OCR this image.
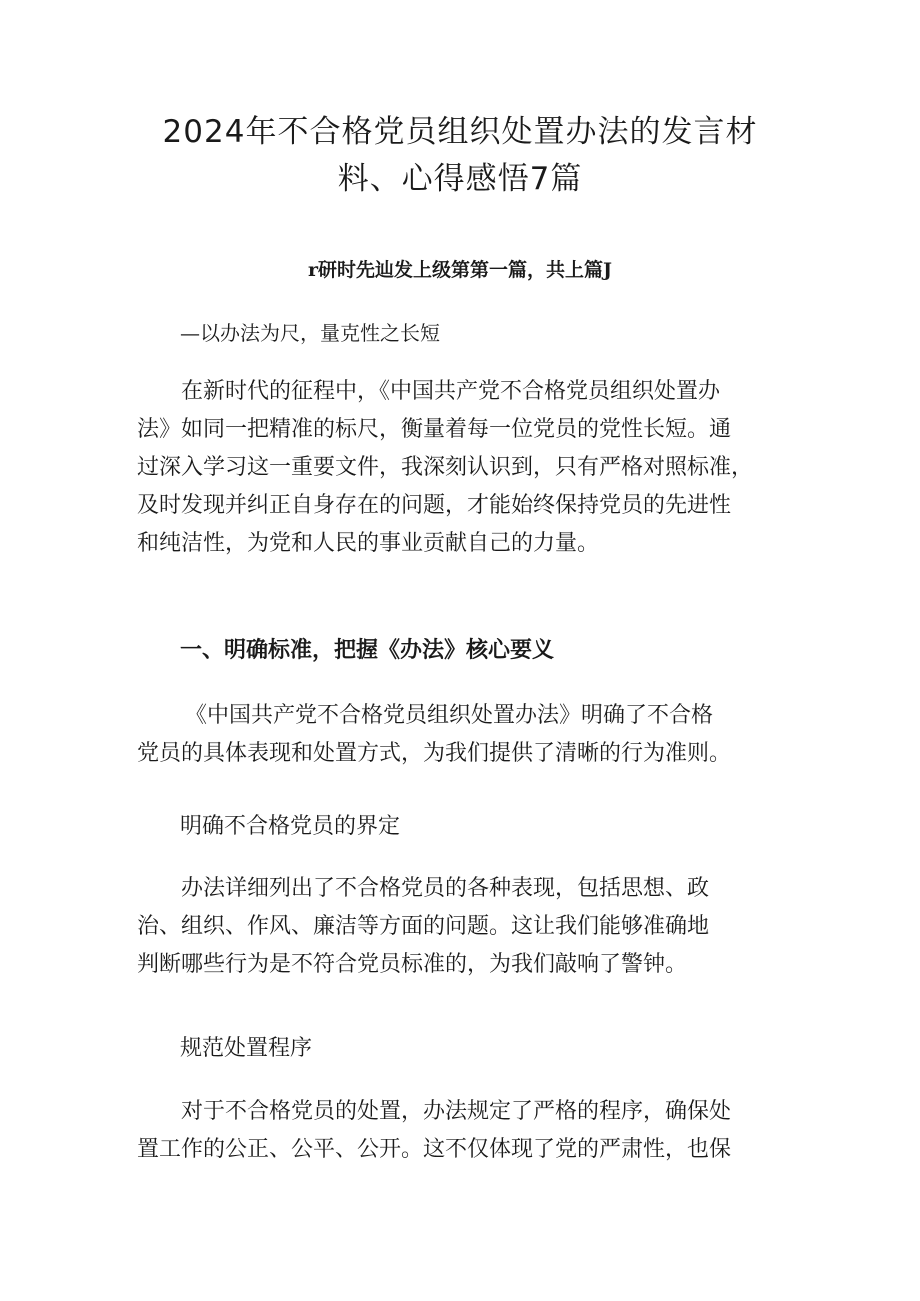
2024年不合格党员组织处置办法的发言材
料、心得感悟7篇
r研时先辿发上级第第一篇，共上篇J
—以办法为尺，量克性之长短
在新时代的征程中，《中国共产党不合格党员组织处置办
法》如同一把精准的标尺，衡量着每一位党员的党性长短。通
过深入学习这一重要文件，我深刻认识到，只有严格对照标准，
及时发现并纠正自身存在的问题，才能始终保持党员的先进性
和纯洁性，为党和人民的事业贡献自己的力量。
一、明确标准，把握《办法》核心要义
《中国共产党不合格党员组织处置办法》明确了不合格
党员的具体表现和处置方式，为我们提供了清晰的行为准则。
明确不合格党员的界定
办法详细列出了不合格党员的各种表现，包括思想、政
治、组织、作风、廉洁等方面的问题。这让我们能够准确地
判断哪些行为是不符合党员标准的，为我们敲响了警钟。
规范处置程序
对于不合格党员的处置，办法规定了严格的程序，确保处
置工作的公正、公平、公开。这不仅体现了党的严肃性，也保
